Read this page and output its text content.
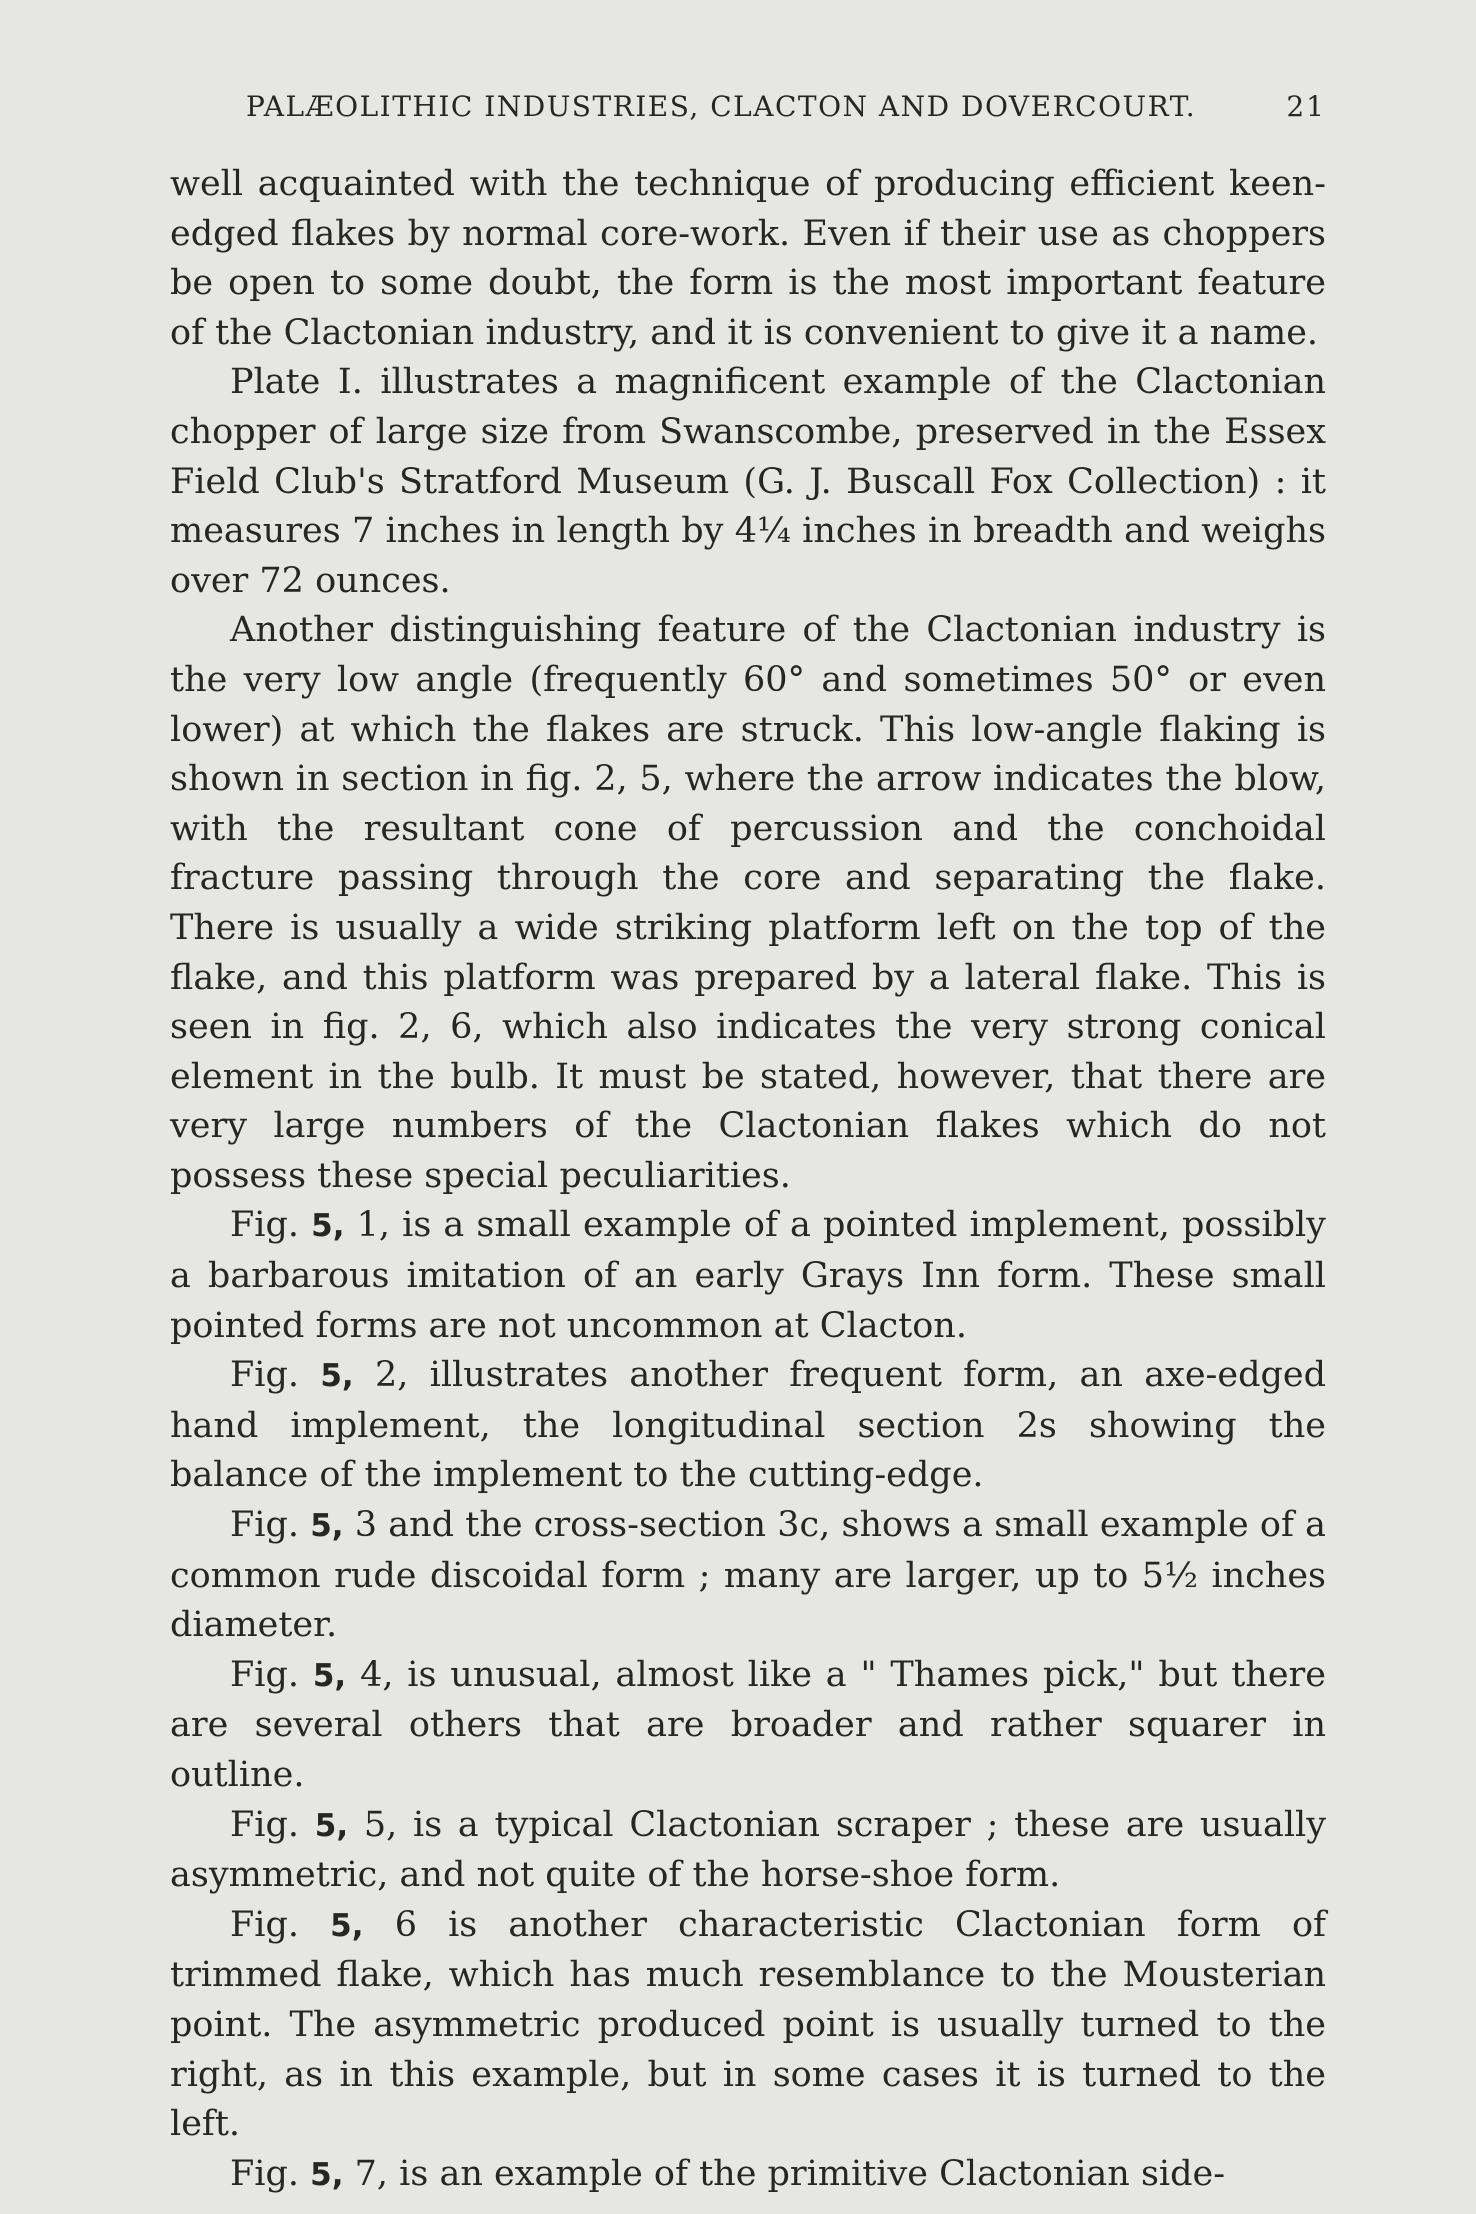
PALÆOLITHIC INDUSTRIES, CLACTON AND DOVERCOURT.	21

well acquainted with the technique of producing efficient keen-edged flakes by normal core-work. Even if their use as choppers be open to some doubt, the form is the most important feature of the Clactonian industry, and it is convenient to give it a name.

Plate I. illustrates a magnificent example of the Clactonian chopper of large size from Swanscombe, preserved in the Essex Field Club's Stratford Museum (G. J. Buscall Fox Collection) : it measures 7 inches in length by 4¼ inches in breadth and weighs over 72 ounces.

Another distinguishing feature of the Clactonian industry is the very low angle (frequently 60° and sometimes 50° or even lower) at which the flakes are struck. This low-angle flaking is shown in section in fig. 2, 5, where the arrow indicates the blow, with the resultant cone of percussion and the conchoidal fracture passing through the core and separating the flake. There is usually a wide striking platform left on the top of the flake, and this platform was prepared by a lateral flake. This is seen in fig. 2, 6, which also indicates the very strong conical element in the bulb. It must be stated, however, that there are very large numbers of the Clactonian flakes which do not possess these special peculiarities.

Fig. 5, 1, is a small example of a pointed implement, possibly a barbarous imitation of an early Grays Inn form. These small pointed forms are not uncommon at Clacton.

Fig. 5, 2, illustrates another frequent form, an axe-edged hand implement, the longitudinal section 2s showing the balance of the implement to the cutting-edge.

Fig. 5, 3 and the cross-section 3c, shows a small example of a common rude discoidal form ; many are larger, up to 5½ inches diameter.

Fig. 5, 4, is unusual, almost like a " Thames pick," but there are several others that are broader and rather squarer in outline.

Fig. 5, 5, is a typical Clactonian scraper ; these are usually asymmetric, and not quite of the horse-shoe form.

Fig. 5, 6 is another characteristic Clactonian form of trimmed flake, which has much resemblance to the Mousterian point. The asymmetric produced point is usually turned to the right, as in this example, but in some cases it is turned to the left.

Fig. 5, 7, is an example of the primitive Clactonian side-
